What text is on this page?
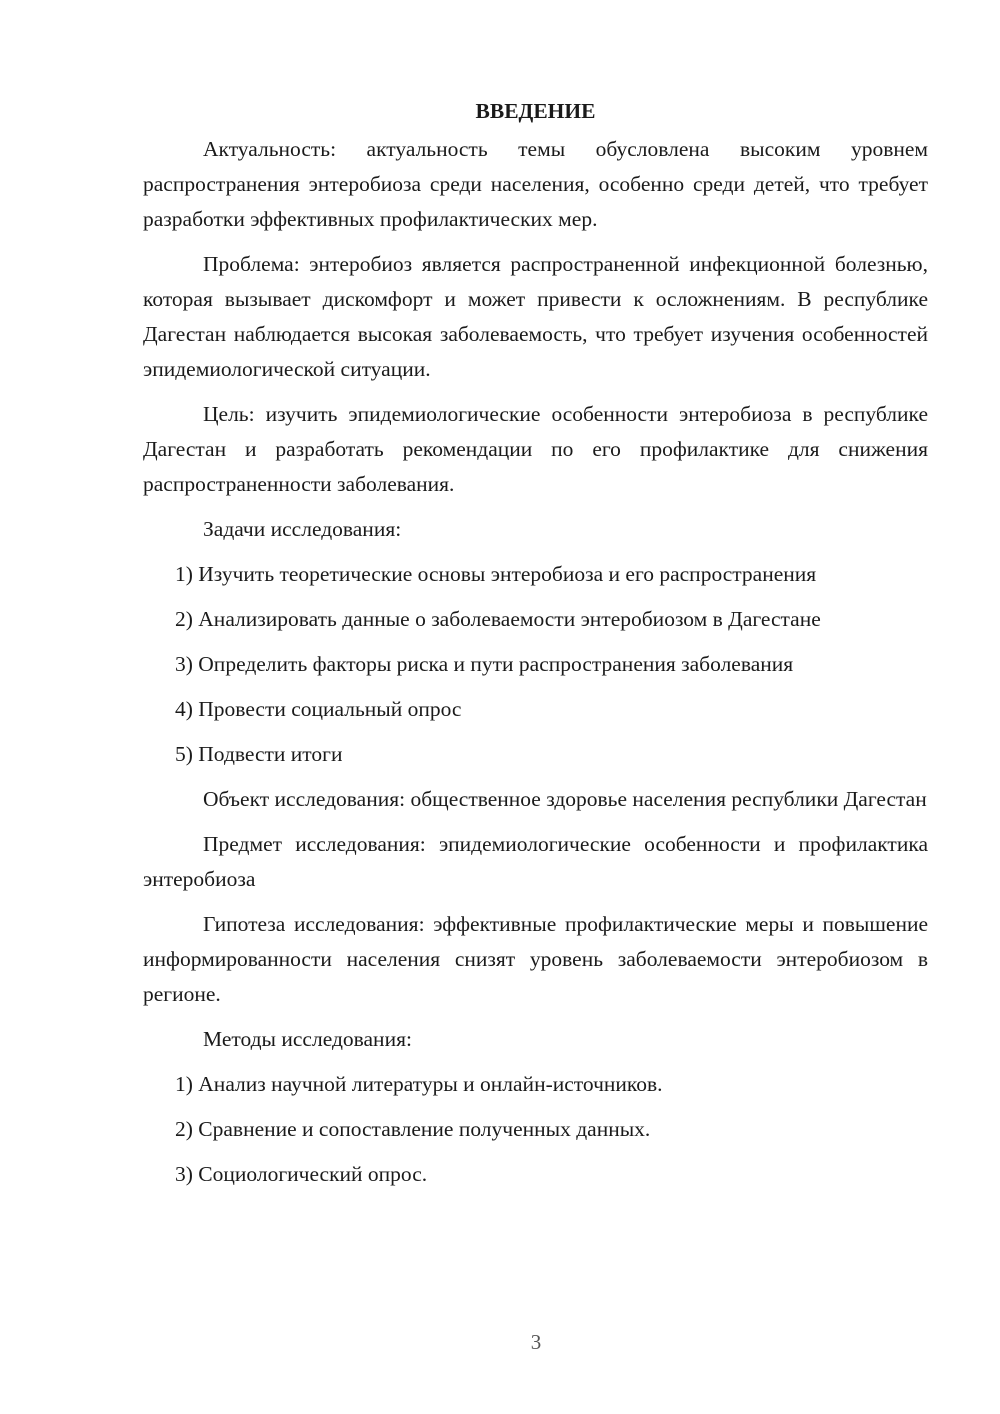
ВВЕДЕНИЕ

Актуальность: актуальность темы обусловлена высоким уровнем распространения энтеробиоза среди населения, особенно среди детей, что требует разработки эффективных профилактических мер.

Проблема: энтеробиоз является распространенной инфекционной болезнью, которая вызывает дискомфорт и может привести к осложнениям. В республике Дагестан наблюдается высокая заболеваемость, что требует изучения особенностей эпидемиологической ситуации.

Цель: изучить эпидемиологические особенности энтеробиоза в республике Дагестан и разработать рекомендации по его профилактике для снижения распространенности заболевания.

Задачи исследования:

1) Изучить теоретические основы энтеробиоза и его распространения
2) Анализировать данные о заболеваемости энтеробиозом в Дагестане
3) Определить факторы риска и пути распространения заболевания
4) Провести социальный опрос
5) Подвести итоги

Объект исследования: общественное здоровье населения республики Дагестан

Предмет исследования: эпидемиологические особенности и профилактика энтеробиоза

Гипотеза исследования: эффективные профилактические меры и повышение информированности населения снизят уровень заболеваемости энтеробиозом в регионе.

Методы исследования:

1) Анализ научной литературы и онлайн-источников.
2) Сравнение и сопоставление полученных данных.
3) Социологический опрос.
3
